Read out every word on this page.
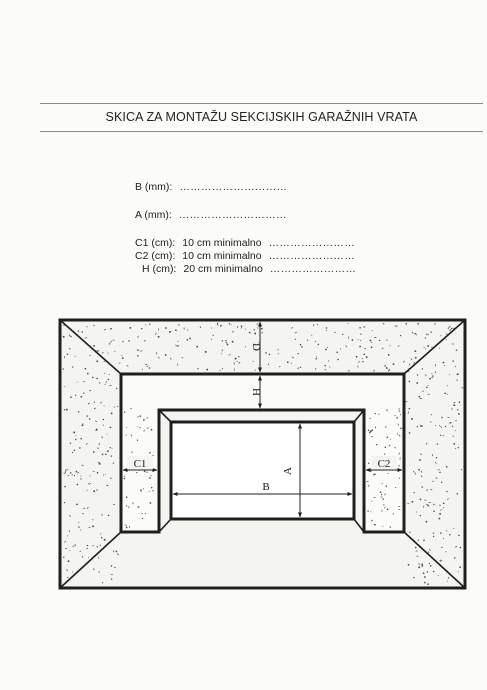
SKICA ZA MONTAŽU SEKCIJSKIH GARAŽNIH VRATA
B (mm): …………………………
A (mm): …………………………
C1 (cm): 10 cm minimalno ……………………
C2 (cm): 10 cm minimalno ……………………
H (cm): 20 cm minimalno ……………………
D
H
C1	C2
A
B
